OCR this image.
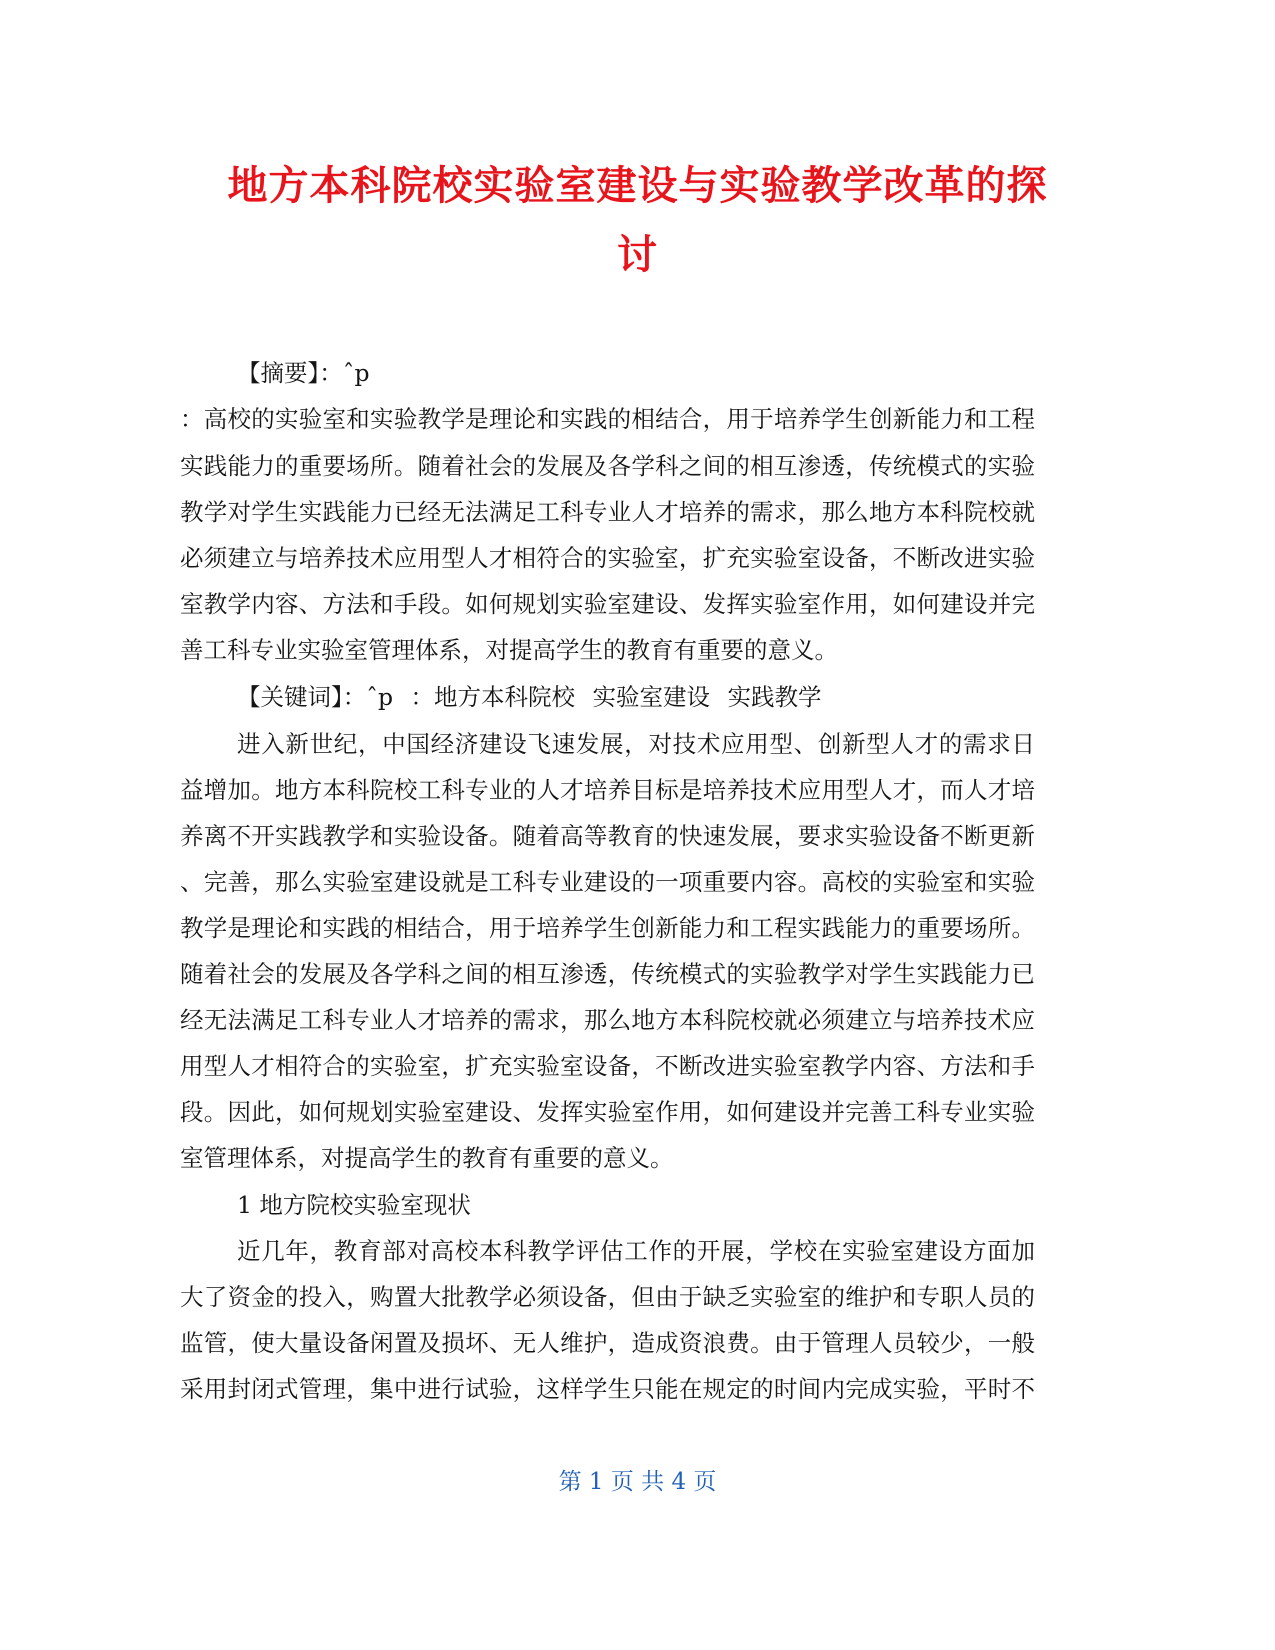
地方本科院校实验室建设与实验教学改革的探
讨
【摘要】：ˆp
：高校的实验室和实验教学是理论和实践的相结合，用于培养学生创新能力和工程
实践能力的重要场所。随着社会的发展及各学科之间的相互渗透，传统模式的实验
教学对学生实践能力已经无法满足工科专业人才培养的需求，那么地方本科院校就
必须建立与培养技术应用型人才相符合的实验室，扩充实验室设备，不断改进实验
室教学内容、方法和手段。如何规划实验室建设、发挥实验室作用，如何建设并完
善工科专业实验室管理体系，对提高学生的教育有重要的意义。
【关键词】：ˆp ：地方本科院校 实验室建设 实践教学
进入新世纪，中国经济建设飞速发展，对技术应用型、创新型人才的需求日
益增加。地方本科院校工科专业的人才培养目标是培养技术应用型人才，而人才培
养离不开实践教学和实验设备。随着高等教育的快速发展，要求实验设备不断更新
、完善，那么实验室建设就是工科专业建设的一项重要内容。高校的实验室和实验
教学是理论和实践的相结合，用于培养学生创新能力和工程实践能力的重要场所。
随着社会的发展及各学科之间的相互渗透，传统模式的实验教学对学生实践能力已
经无法满足工科专业人才培养的需求，那么地方本科院校就必须建立与培养技术应
用型人才相符合的实验室，扩充实验室设备，不断改进实验室教学内容、方法和手
段。因此，如何规划实验室建设、发挥实验室作用，如何建设并完善工科专业实验
室管理体系，对提高学生的教育有重要的意义。
1 地方院校实验室现状
近几年，教育部对高校本科教学评估工作的开展，学校在实验室建设方面加
大了资金的投入，购置大批教学必须设备，但由于缺乏实验室的维护和专职人员的
监管，使大量设备闲置及损坏、无人维护，造成资浪费。由于管理人员较少，一般
采用封闭式管理，集中进行试验，这样学生只能在规定的时间内完成实验，平时不
第 1 页 共 4 页
